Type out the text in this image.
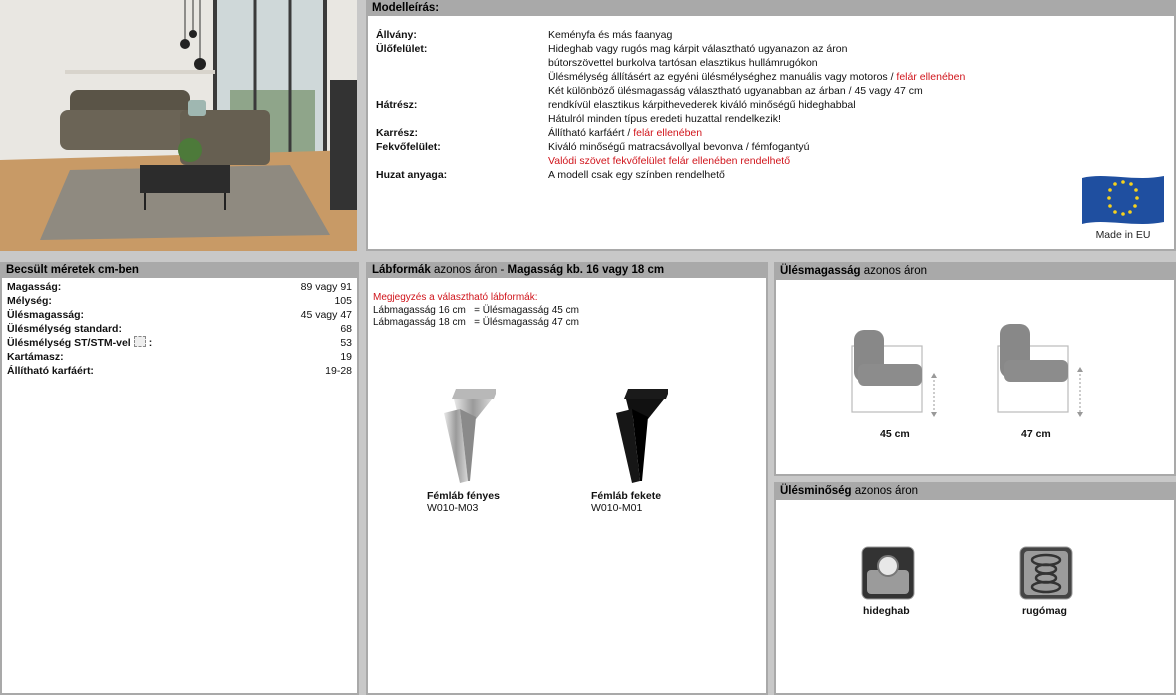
Modelleírás:
Állvány:	Keményfa és más faanyag
Ülőfelület:	Hideghab vagy rugós mag kárpit választható ugyanazon az áron
bútorszövettel burkolva tartósan elasztikus hullámrugókon
Ülésmélység állításért az egyéni ülésmélységhez manuális vagy motoros / felár ellenében
Két különböző ülésmagasság választható ugyanabban az árban / 45 vagy 47 cm
Hátrész:	rendkívül elasztikus kárpithevederek kiváló minőségű hideghabbal
Hátulról minden típus eredeti huzattal rendelkezik!
Karrész:	Állítható karfáért / felár ellenében
Fekvőfelület:	Kiváló minőségű matracsávollyal bevonva / fémfogantyú
Valódi szövet fekvőfelület felár ellenében rendelhető
Huzat anyaga:	A modell csak egy színben rendelhető
Made in EU
Becsült méretek cm-ben
Magasság:	89 vagy 91
Mélység:	105
Ülésmagasság:	45 vagy 47
Ülésmélység standard:	68
Ülésmélység ST/STM-vel :	53
Kartámasz:	19
Állítható karfáért:	19-28
Lábformák azonos áron - Magasság kb. 16 vagy 18 cm
Megjegyzés a választható lábformák:
Lábmagasság 16 cm   = Ülésmagasság 45 cm
Lábmagasság 18 cm   = Ülésmagasság 47 cm
Fémláb fényes
W010-M03
Fémláb fekete
W010-M01
Ülésmagasság azonos áron
45 cm	47 cm
Ülésminőség azonos áron
hideghab	rugómag
